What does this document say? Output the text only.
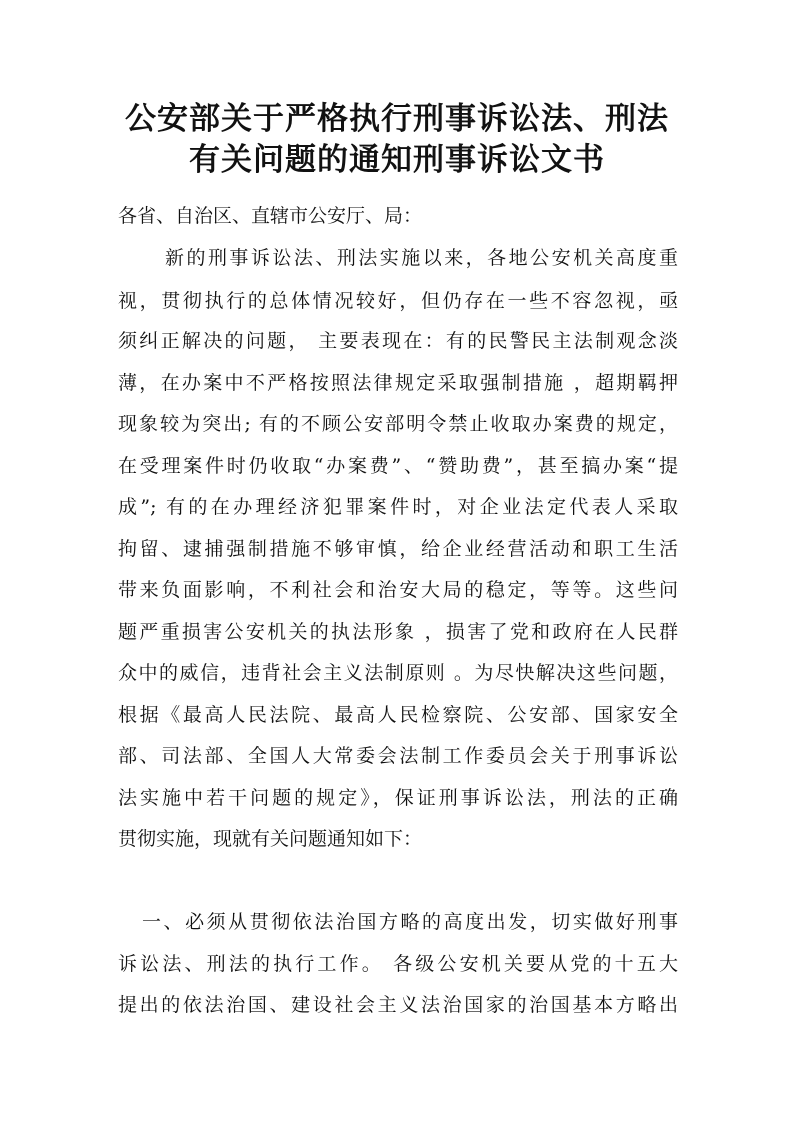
公安部关于严格执行刑事诉讼法、刑法
有关问题的通知刑事诉讼文书
各省、自治区、直辖市公安厅、局：
新的刑事诉讼法、刑法实施以来，各地公安机关高度重
视，贯彻执行的总体情况较好，但仍存在一些不容忽视，亟
须纠正解决的问题， 主要表现在：有的民警民主法制观念淡
薄，在办案中不严格按照法律规定采取强制措施 ，超期羁押
现象较为突出; 有的不顾公安部明令禁止收取办案费的规定，
在受理案件时仍收取“办案费”、“赞助费”，甚至搞办案“提
成”; 有的在办理经济犯罪案件时，对企业法定代表人采取
拘留、逮捕强制措施不够审慎，给企业经营活动和职工生活
带来负面影响，不利社会和治安大局的稳定，等等。这些问
题严重损害公安机关的执法形象 ，损害了党和政府在人民群
众中的威信，违背社会主义法制原则 。为尽快解决这些问题，
根据《最高人民法院、最高人民检察院、公安部、国家安全
部、司法部、全国人大常委会法制工作委员会关于刑事诉讼
法实施中若干问题的规定》，保证刑事诉讼法，刑法的正确
贯彻实施，现就有关问题通知如下：
一、必须从贯彻依法治国方略的高度出发，切实做好刑事
诉讼法、刑法的执行工作。 各级公安机关要从党的十五大
提出的依法治国、建设社会主义法治国家的治国基本方略出
